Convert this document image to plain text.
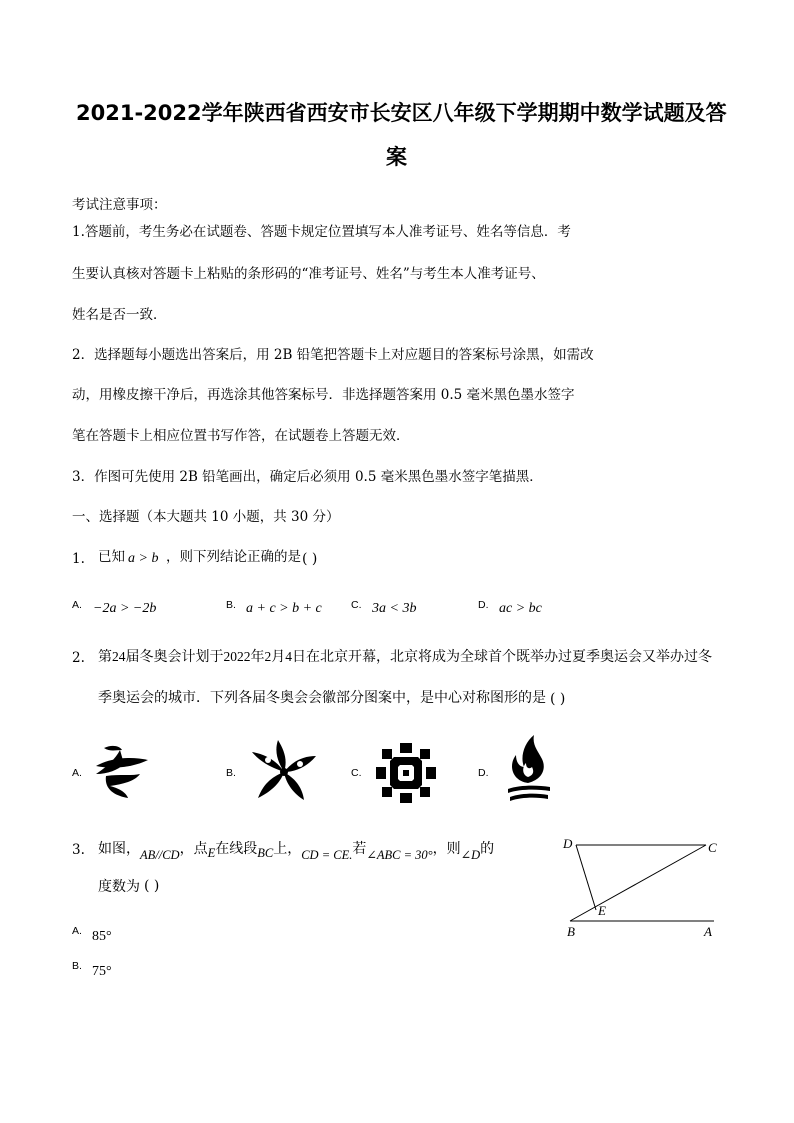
2021-2022学年陕西省西安市长安区八年级下学期期中数学试题及答
案
考试注意事项：
1.答题前，考生务必在试题卷、答题卡规定位置填写本人准考证号、姓名等信息．考
生要认真核对答题卡上粘贴的条形码的“准考证号、姓名”与考生本人准考证号、
姓名是否一致．
2．选择题每小题选出答案后，用 2B 铅笔把答题卡上对应题目的答案标号涂黑，如需改
动，用橡皮擦干净后，再选涂其他答案标号．非选择题答案用 0.5 毫米黑色墨水签字
笔在答题卡上相应位置书写作答，在试题卷上答题无效．
3．作图可先使用 2B 铅笔画出，确定后必须用 0.5 毫米黑色墨水签字笔描黑．
一、选择题（本大题共 10 小题，共 30 分）
1. 已知 a > b ，则下列结论正确的是 ( )
A. −2a > −2b	B. a + c > b + c	C. 3a < 3b	D. ac > bc
2. 第24届冬奥会计划于2022年2月4日在北京开幕，北京将成为全球首个既举办过夏季奥运会又举办过冬
季奥运会的城市．下列各届冬奥会会徽部分图案中，是中心对称图形的是 ( )
A.	B.	C.	D.
3. 如图，AB//CD，点E在线段BC上，CD = CE.若∠ABC = 30°，则∠D的
度数为 ( )
A. 85°
B. 75°
D	C
E
B	A
